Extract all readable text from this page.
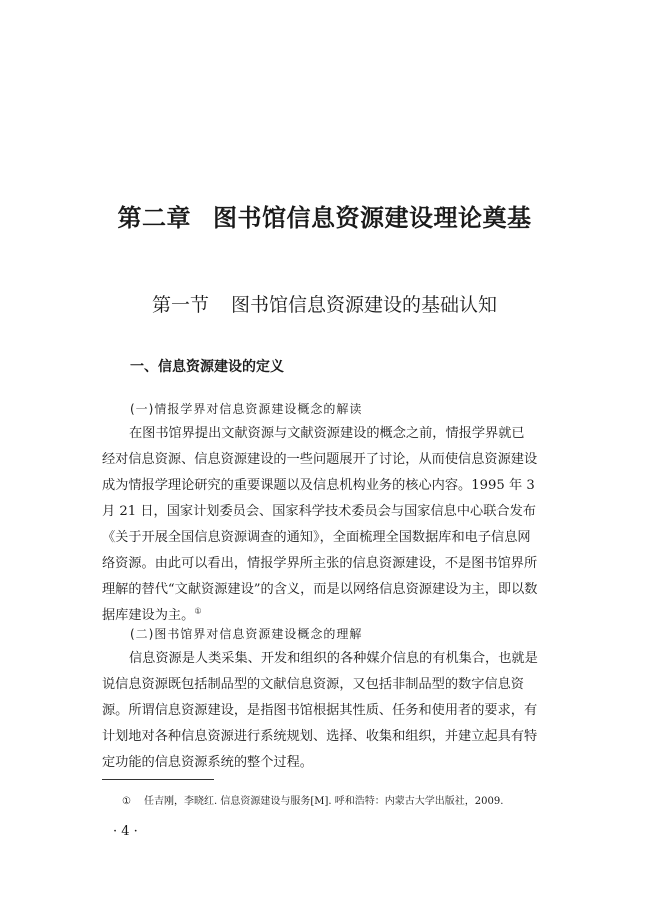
第二章 图书馆信息资源建设理论奠基
第一节 图书馆信息资源建设的基础认知
一、信息资源建设的定义
(一)情报学界对信息资源建设概念的解读
在图书馆界提出文献资源与文献资源建设的概念之前，情报学界就已
经对信息资源、信息资源建设的一些问题展开了讨论，从而使信息资源建设
成为情报学理论研究的重要课题以及信息机构业务的核心内容。1995 年 3
月 21 日，国家计划委员会、国家科学技术委员会与国家信息中心联合发布
《关于开展全国信息资源调查的通知》，全面梳理全国数据库和电子信息网
络资源。由此可以看出，情报学界所主张的信息资源建设，不是图书馆界所
理解的替代“文献资源建设”的含义，而是以网络信息资源建设为主，即以数
据库建设为主。①
(二)图书馆界对信息资源建设概念的理解
信息资源是人类采集、开发和组织的各种媒介信息的有机集合，也就是
说信息资源既包括制品型的文献信息资源，又包括非制品型的数字信息资
源。所谓信息资源建设，是指图书馆根据其性质、任务和使用者的要求，有
计划地对各种信息资源进行系统规划、选择、收集和组织，并建立起具有特
定功能的信息资源系统的整个过程。
① 任吉刚，李晓红. 信息资源建设与服务[M]. 呼和浩特：内蒙古大学出版社，2009.
· 4 ·
